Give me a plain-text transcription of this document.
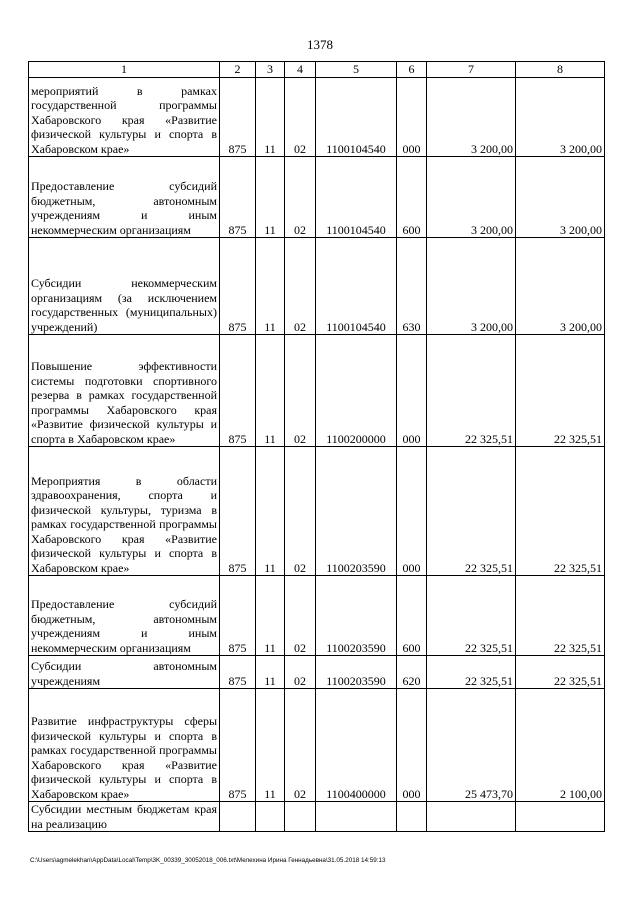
1378
1	2	3	4	5	6	7	8
мероприятий в рамках государственной программы Хабаровского края «Развитие физической культуры и спорта в Хабаровском крае»	875	11	02	1100104540	000	3 200,00	3 200,00
Предоставление субсидий бюджетным, автономным учреждениям и иным некоммерческим организациям	875	11	02	1100104540	600	3 200,00	3 200,00
Субсидии некоммерческим организациям (за исключением государственных (муниципальных) учреждений)	875	11	02	1100104540	630	3 200,00	3 200,00
Повышение эффективности системы подготовки спортивного резерва в рамках государственной программы Хабаровского края «Развитие физической культуры и спорта в Хабаровском крае»	875	11	02	1100200000	000	22 325,51	22 325,51
Мероприятия в области здравоохранения, спорта и физической культуры, туризма в рамках государственной программы Хабаровского края «Развитие физической культуры и спорта в Хабаровском крае»	875	11	02	1100203590	000	22 325,51	22 325,51
Предоставление субсидий бюджетным, автономным учреждениям и иным некоммерческим организациям	875	11	02	1100203590	600	22 325,51	22 325,51
Субсидии автономным учреждениям	875	11	02	1100203590	620	22 325,51	22 325,51
Развитие инфраструктуры сферы физической культуры и спорта в рамках государственной программы Хабаровского края «Развитие физической культуры и спорта в Хабаровском крае»	875	11	02	1100400000	000	25 473,70	2 100,00
Субсидии местным бюджетам края на реализацию							
C:\Users\agmelekhan\AppData\Local\Temp\3K_00339_30052018_006.txt\Мелехина Ирина Геннадьевна\31.05.2018 14:59:13
